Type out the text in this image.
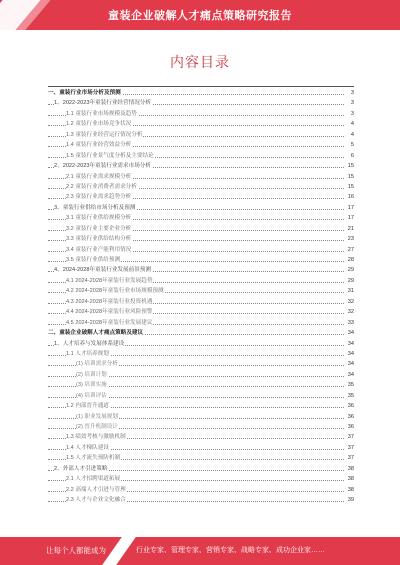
童装企业破解人才痛点策略研究报告
内容目录
一、童装行业市场分析及预测	3
1、2022-2023年童装行业经营情况分析	3
1.1 童装行业市场规模及趋势	3
1.2 童装行业市场竞争状况	4
1.3 童装行业经营运行情况分析	4
1.4 童装行业经营效益分析	5
1.5 童装行业景气度分析及主要结论	6
2、2022-2023年童装行业需求市场分析	15
2.1 童装行业需求规模分析	15
2.2 童装行业消费者需求分析	15
2.3 童装行业需求趋势分析	16
3、童装行业供给市场分析及预测	17
3.1 童装行业供给规模分析	17
3.2 童装行业主要企业分析	21
3.3 童装行业供给结构分析	23
3.4 童装行业产能利用情况	27
3.5 童装行业供给预测	28
4、2024-2028年童装行业发展前景预测	29
4.1 2024-2028年童装行业发展趋势	29
4.2 2024-2028年童装行业市场规模预测	31
4.3 2024-2028年童装行业投资机遇	32
4.4 2024-2028年童装行业风险预警	32
4.5 2024-2028年童装行业发展建议	33
二、童装企业破解人才痛点策略及建议	34
1、人才培养与发展体系建设	34
1.1 人才培养规划	34
(1) 培训需求分析	34
(2) 培训计划	34
(3) 培训实施	35
(4) 培训评估	35
1.2 内部晋升通道	36
(1) 职业发展规划	36
(2) 晋升机制设计	36
1.3 绩效考核与激励机制	37
1.4 人才梯队建设	37
1.5 人才流失预防机制	37
2、外部人才引进策略	38
2.1 人才招聘渠道拓展	38
2.2 高端人才引进与管理	38
2.3 人才与企业文化融合	39
让每个人都能成为	行业专家、管理专家、营销专家、战略专家、成功企业家……
